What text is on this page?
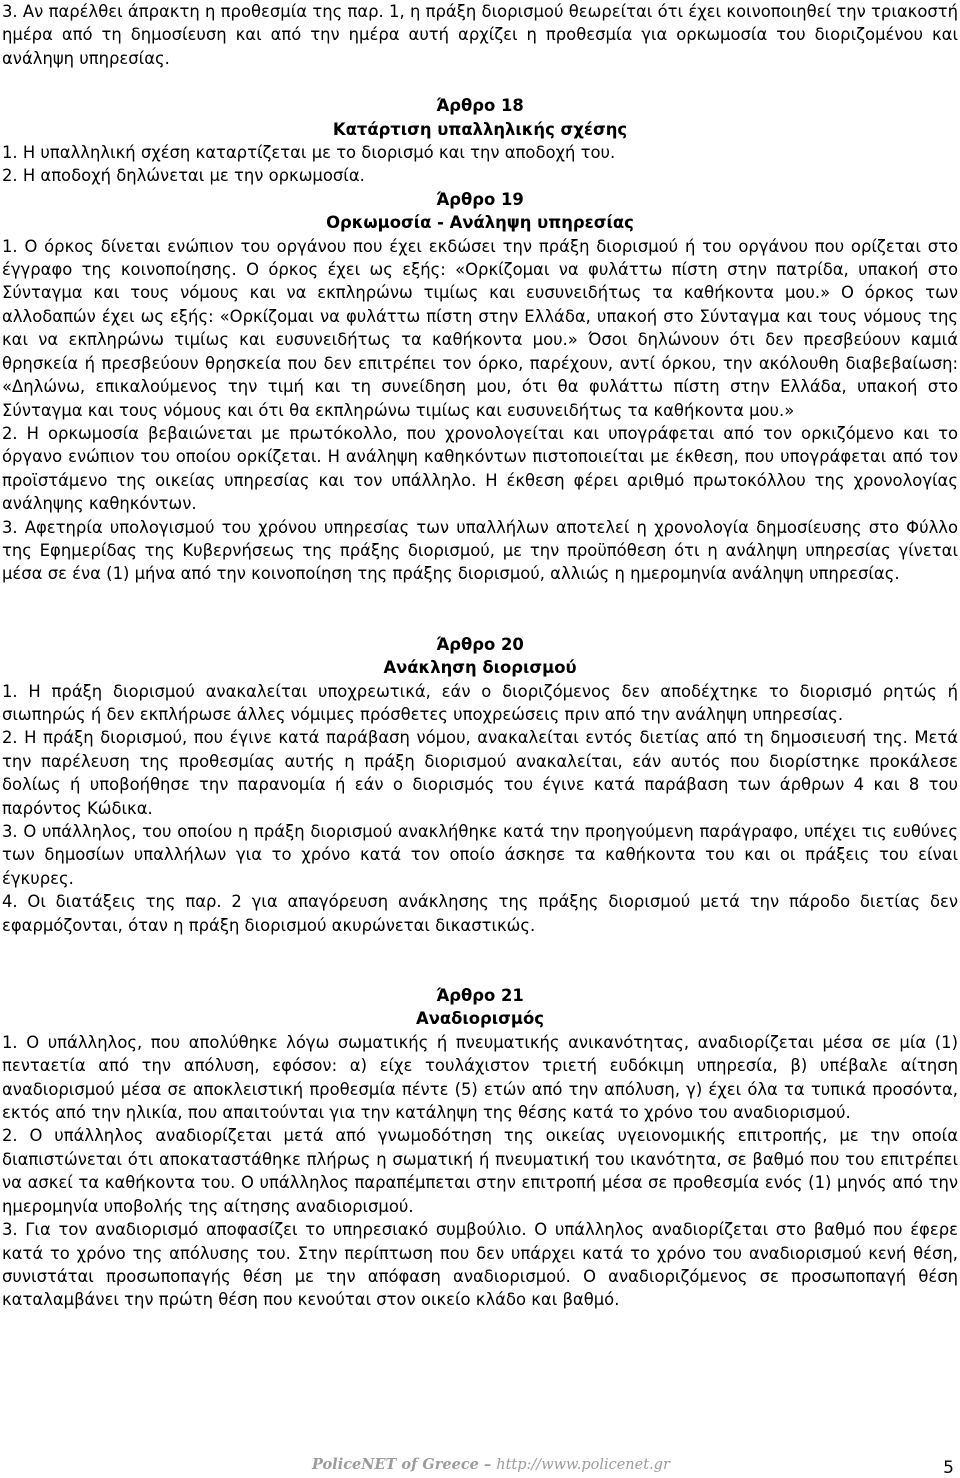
3. Αν παρέλθει άπρακτη η προθεσμία της παρ. 1, η πράξη διορισμού θεωρείται ότι έχει κοινοποιηθεί την τριακοστή ημέρα από τη δημοσίευση και από την ημέρα αυτή αρχίζει η προθεσμία για ορκωμοσία του διοριζομένου και ανάληψη υπηρεσίας.

Άρθρο 18

Κατάρτιση υπαλληλικής σχέσης

1. Η υπαλληλική σχέση καταρτίζεται με το διορισμό και την αποδοχή του.

2. Η αποδοχή δηλώνεται με την ορκωμοσία.

Άρθρο 19

Ορκωμοσία - Ανάληψη υπηρεσίας

1. Ο όρκος δίνεται ενώπιον του οργάνου που έχει εκδώσει την πράξη διορισμού ή του οργάνου που ορίζεται στο έγγραφο της κοινοποίησης. Ο όρκος έχει ως εξής: «Ορκίζομαι να φυλάττω πίστη στην πατρίδα, υπακοή στο Σύνταγμα και τους νόμους και να εκπληρώνω τιμίως και ευσυνειδήτως τα καθήκοντα μου.» Ο όρκος των αλλοδαπών έχει ως εξής: «Ορκίζομαι να φυλάττω πίστη στην Ελλάδα, υπακοή στο Σύνταγμα και τους νόμους της και να εκπληρώνω τιμίως και ευσυνειδήτως τα καθήκοντα μου.» Όσοι δηλώνουν ότι δεν πρεσβεύουν καμιά θρησκεία ή πρεσβεύουν θρησκεία που δεν επιτρέπει τον όρκο, παρέχουν, αντί όρκου, την ακόλουθη διαβεβαίωση: «Δηλώνω, επικαλούμενος την τιμή και τη συνείδηση μου, ότι θα φυλάττω πίστη στην Ελλάδα, υπακοή στο Σύνταγμα και τους νόμους και ότι θα εκπληρώνω τιμίως και ευσυνειδήτως τα καθήκοντα μου.»

2. Η ορκωμοσία βεβαιώνεται με πρωτόκολλο, που χρονολογείται και υπογράφεται από τον ορκιζόμενο και το όργανο ενώπιον του οποίου ορκίζεται. Η ανάληψη καθηκόντων πιστοποιείται με έκθεση, που υπογράφεται από τον προϊστάμενο της οικείας υπηρεσίας και τον υπάλληλο. Η έκθεση φέρει αριθμό πρωτοκόλλου της χρονολογίας ανάληψης καθηκόντων.

3. Αφετηρία υπολογισμού του χρόνου υπηρεσίας των υπαλλήλων αποτελεί η χρονολογία δημοσίευσης στο Φύλλο της Εφημερίδας της Κυβερνήσεως της πράξης διορισμού, με την προϋπόθεση ότι η ανάληψη υπηρεσίας γίνεται μέσα σε ένα (1) μήνα από την κοινοποίηση της πράξης διορισμού, αλλιώς η ημερομηνία ανάληψη υπηρεσίας.

Άρθρο 20

Ανάκληση διορισμού

1. Η πράξη διορισμού ανακαλείται υποχρεωτικά, εάν ο διοριζόμενος δεν αποδέχτηκε το διορισμό ρητώς ή σιωπηρώς ή δεν εκπλήρωσε άλλες νόμιμες πρόσθετες υποχρεώσεις πριν από την ανάληψη υπηρεσίας.

2. Η πράξη διορισμού, που έγινε κατά παράβαση νόμου, ανακαλείται εντός διετίας από τη δημοσιευσή της. Μετά την παρέλευση της προθεσμίας αυτής η πράξη διορισμού ανακαλείται, εάν αυτός που διορίστηκε προκάλεσε δολίως ή υποβοήθησε την παρανομία ή εάν ο διορισμός του έγινε κατά παράβαση των άρθρων 4 και 8 του παρόντος Κώδικα.

3. Ο υπάλληλος, του οποίου η πράξη διορισμού ανακλήθηκε κατά την προηγούμενη παράγραφο, υπέχει τις ευθύνες των δημοσίων υπαλλήλων για το χρόνο κατά τον οποίο άσκησε τα καθήκοντα του και οι πράξεις του είναι έγκυρες.

4. Οι διατάξεις της παρ. 2 για απαγόρευση ανάκλησης της πράξης διορισμού μετά την πάροδο διετίας δεν εφαρμόζονται, όταν η πράξη διορισμού ακυρώνεται δικαστικώς.

Άρθρο 21

Αναδιορισμός

1. Ο υπάλληλος, που απολύθηκε λόγω σωματικής ή πνευματικής ανικανότητας, αναδιορίζεται μέσα σε μία (1) πενταετία από την απόλυση, εφόσον: α) είχε τουλάχιστον τριετή ευδόκιμη υπηρεσία, β) υπέβαλε αίτηση αναδιορισμού μέσα σε αποκλειστική προθεσμία πέντε (5) ετών από την απόλυση, γ) έχει όλα τα τυπικά προσόντα, εκτός από την ηλικία, που απαιτούνται για την κατάληψη της θέσης κατά το χρόνο του αναδιορισμού.

2. Ο υπάλληλος αναδιορίζεται μετά από γνωμοδότηση της οικείας υγειονομικής επιτροπής, με την οποία διαπιστώνεται ότι αποκαταστάθηκε πλήρως η σωματική ή πνευματική του ικανότητα, σε βαθμό που του επιτρέπει να ασκεί τα καθήκοντα του. Ο υπάλληλος παραπέμπεται στην επιτροπή μέσα σε προθεσμία ενός (1) μηνός από την ημερομηνία υποβολής της αίτησης αναδιορισμού.

3. Για τον αναδιορισμό αποφασίζει το υπηρεσιακό συμβούλιο. Ο υπάλληλος αναδιορίζεται στο βαθμό που έφερε κατά το χρόνο της απόλυσης του. Στην περίπτωση που δεν υπάρχει κατά το χρόνο του αναδιορισμού κενή θέση, συνιστάται προσωποπαγής θέση με την απόφαση αναδιορισμού. Ο αναδιοριζόμενος σε προσωποπαγή θέση καταλαμβάνει την πρώτη θέση που κενούται στον οικείο κλάδο και βαθμό.

PoliceNET of Greece – http://www.policenet.gr	5
